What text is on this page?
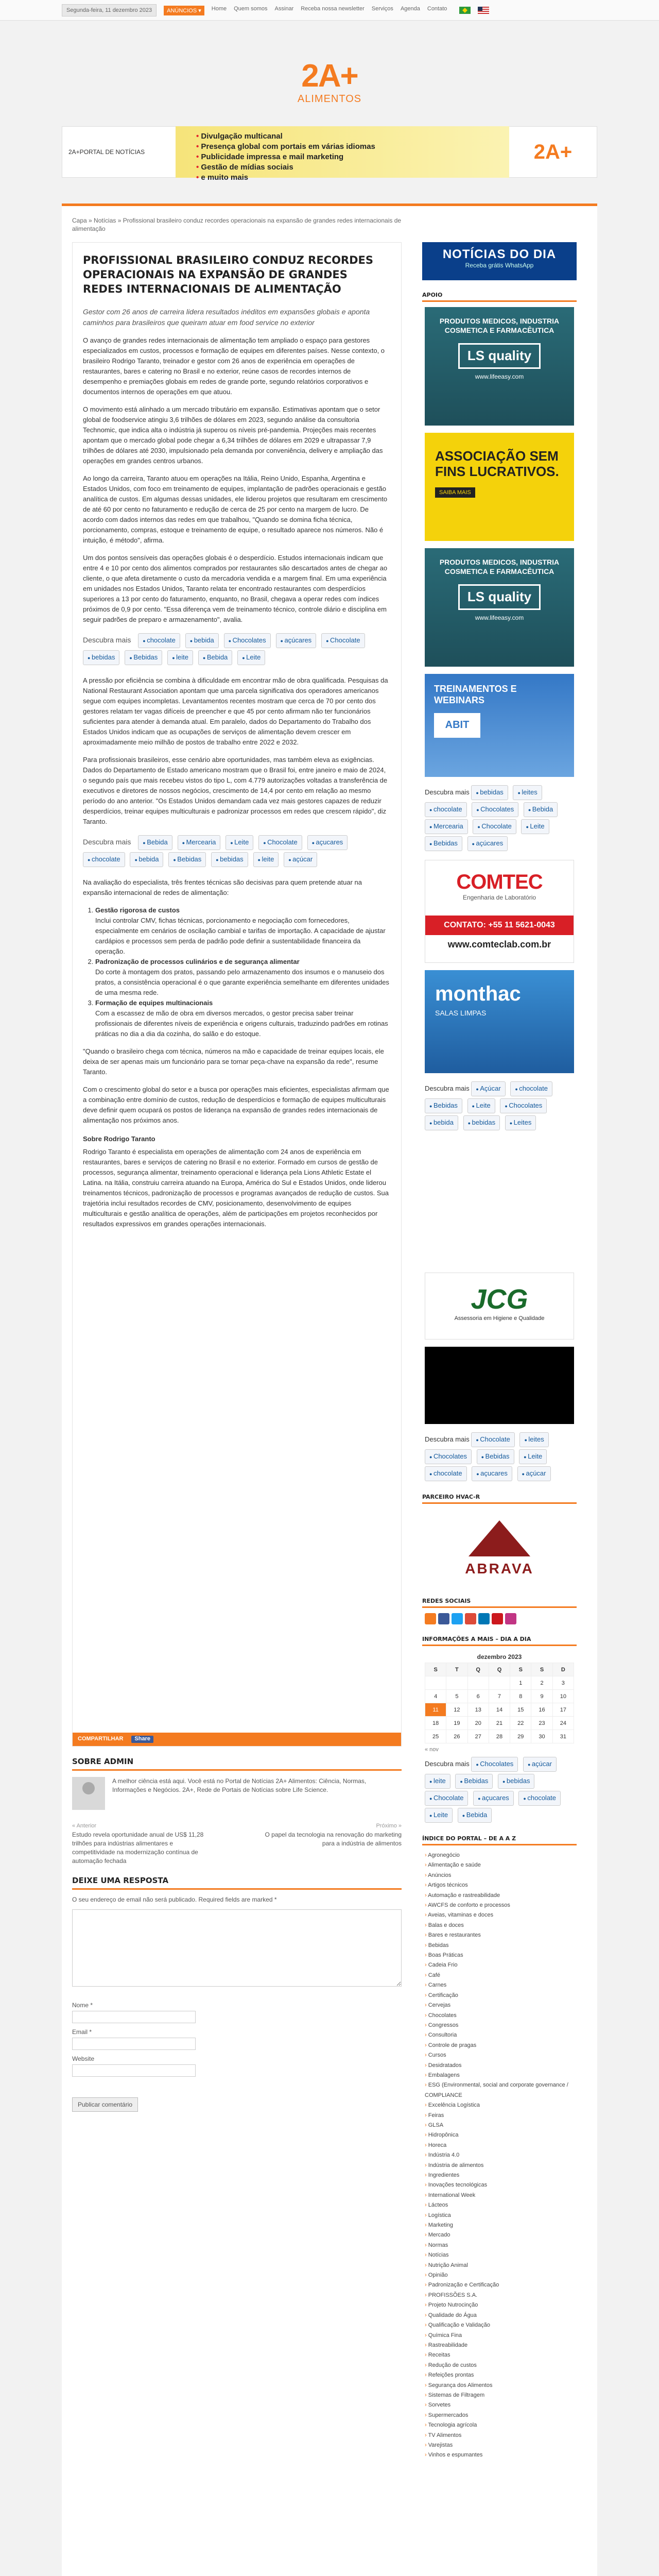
Segunda-feira, 11 dezembro 2023	ANÚNCIOS ▾	Home Quem somos Assinar Receba nossa newsletter Serviços Agenda Contato
2A+
ALIMENTOS
2A+PORTAL DE NOTÍCIAS
• Divulgação multicanal
• Presença global com portais em várias idiomas
• Publicidade impressa e mail marketing
• Gestão de mídias sociais
• e muito mais
2A+
Capa » Notícias » Profissional brasileiro conduz recordes operacionais na expansão de grandes redes internacionais de alimentação
PROFISSIONAL BRASILEIRO CONDUZ RECORDES OPERACIONAIS NA EXPANSÃO DE GRANDES REDES INTERNACIONAIS DE ALIMENTAÇÃO

Gestor com 26 anos de carreira lidera resultados inéditos em expansões globais e aponta caminhos para brasileiros que queiram atuar em food service no exterior

O avanço de grandes redes internacionais de alimentação tem ampliado o espaço para gestores especializados em custos, processos e formação de equipes em diferentes países. Nesse contexto, o brasileiro Rodrigo Taranto, treinador e gestor com 26 anos de experiência em operações de restaurantes, bares e catering no Brasil e no exterior, reúne casos de recordes internos de desempenho e premiações globais em redes de grande porte, segundo relatórios corporativos e documentos internos de operações em que atuou.

O movimento está alinhado a um mercado tributário em expansão. Estimativas apontam que o setor global de foodservice atingiu 3,6 trilhões de dólares em 2023, segundo análise da consultoria Technomic, que indica alta o indústria já superou os níveis pré-pandemia. Projeções mais recentes apontam que o mercado global pode chegar a 6,34 trilhões de dólares em 2029 e ultrapassar 7,9 trilhões de dólares até 2030, impulsionado pela demanda por conveniência, delivery e ampliação das operações em grandes centros urbanos.

Ao longo da carreira, Taranto atuou em operações na Itália, Reino Unido, Espanha, Argentina e Estados Unidos, com foco em treinamento de equipes, implantação de padrões operacionais e gestão analítica de custos. Em algumas dessas unidades, ele liderou projetos que resultaram em crescimento de até 60 por cento no faturamento e redução de cerca de 25 por cento na margem de lucro. De acordo com dados internos das redes em que trabalhou, "Quando se domina ficha técnica, porcionamento, compras, estoque e treinamento de equipe, o resultado aparece nos números. Não é intuição, é método", afirma.

Um dos pontos sensíveis das operações globais é o desperdício. Estudos internacionais indicam que entre 4 e 10 por cento dos alimentos comprados por restaurantes são descartados antes de chegar ao cliente, o que afeta diretamente o custo da mercadoria vendida e a margem final. Em uma experiência em unidades nos Estados Unidos, Taranto relata ter encontrado restaurantes com desperdícios superiores a 13 por cento do faturamento, enquanto, no Brasil, chegava a operar redes com índices próximos de 0,9 por cento. "Essa diferença vem de treinamento técnico, controle diário e disciplina em seguir padrões de preparo e armazenamento", avalia.

Descubra mais ● chocolate	● bebida	● Chocolates	● açúcares	● Chocolate ● bebidas	● Bebidas	● leite	● Bebida	● Leite

A pressão por eficiência se combina à dificuldade em encontrar mão de obra qualificada. Pesquisas da National Restaurant Association apontam que uma parcela significativa dos operadores americanos segue com equipes incompletas. Levantamentos recentes mostram que cerca de 70 por cento dos gestores relatam ter vagas difíceis de preencher e que 45 por cento afirmam não ter funcionários suficientes para atender à demanda atual. Em paralelo, dados do Departamento do Trabalho dos Estados Unidos indicam que as ocupações de serviços de alimentação devem crescer em aproximadamente meio milhão de postos de trabalho entre 2022 e 2032.

Para profissionais brasileiros, esse cenário abre oportunidades, mas também eleva as exigências. Dados do Departamento de Estado americano mostram que o Brasil foi, entre janeiro e maio de 2024, o segundo país que mais recebeu vistos do tipo L, com 4.779 autorizações voltadas a transferência de executivos e diretores de nossos negócios, crescimento de 14,4 por cento em relação ao mesmo período do ano anterior. "Os Estados Unidos demandam cada vez mais gestores capazes de reduzir desperdícios, treinar equipes multiculturais e padronizar processos em redes que crescem rápido", diz Taranto.

Descubra mais ● Bebida	● Mercearia	● Leite	● Chocolate	● açucares ● chocolate	● bebida	● Bebidas	● bebidas	● leite	● açúcar

Na avaliação do especialista, três frentes técnicas são decisivas para quem pretende atuar na expansão internacional de redes de alimentação:

1. Gestão rigorosa de custos
Inclui controlar CMV, fichas técnicas, porcionamento e negociação com fornecedores, especialmente em cenários de oscilação cambial e tarifas de importação. A capacidade de ajustar cardápios e processos sem perda de padrão pode definir a sustentabilidade financeira da operação.
2. Padronização de processos culinários e de segurança alimentar
Do corte à montagem dos pratos, passando pelo armazenamento dos insumos e o manuseio dos pratos, a consistência operacional é o que garante experiência semelhante em diferentes unidades de uma mesma rede.
3. Formação de equipes multinacionais
Com a escassez de mão de obra em diversos mercados, o gestor precisa saber treinar profissionais de diferentes níveis de experiência e origens culturais, traduzindo padrões em rotinas práticas no dia a dia da cozinha, do salão e do estoque.

"Quando o brasileiro chega com técnica, números na mão e capacidade de treinar equipes locais, ele deixa de ser apenas mais um funcionário para se tornar peça-chave na expansão da rede", resume Taranto.

Com o crescimento global do setor e a busca por operações mais eficientes, especialistas afirmam que a combinação entre domínio de custos, redução de desperdícios e formação de equipes multiculturais deve definir quem ocupará os postos de liderança na expansão de grandes redes internacionais de alimentação nos próximos anos.

Sobre Rodrigo Taranto

Rodrigo Taranto é especialista em operações de alimentação com 24 anos de experiência em restaurantes, bares e serviços de catering no Brasil e no exterior. Formado em cursos de gestão de processos, segurança alimentar, treinamento operacional e liderança pela Lions Athletic Estate el Latina. na Itália, construiu carreira atuando na Europa, América do Sul e Estados Unidos, onde liderou treinamentos técnicos, padronização de processos e programas avançados de redução de custos. Sua trajetória inclui resultados recordes de CMV, posicionamento, desenvolvimento de equipes multiculturais e gestão analítica de operações, além de participações em projetos reconhecidos por resultados expressivos em grandes operações internacionais.

COMPARTILHAR	Share
SOBRE ADMIN

A melhor ciência está aqui. Você está no Portal de Notícias 2A+ Alimentos: Ciência, Normas, Informações e Negócios. 2A+, Rede de Portais de Notícias sobre Life Science.

« Anterior
Estudo revela oportunidade anual de US$ 11,28 trilhões para indústrias alimentares e competitividade na modernização contínua de automação fechada
Próximo »
O papel da tecnologia na renovação do marketing para a indústria de alimentos
DEIXE UMA RESPOSTA

O seu endereço de email não será publicado. Required fields are marked *

Nome *
Email *
Website

Publicar comentário
NOTÍCIAS DO DIA
Receba grátis WhatsApp
APOIO
PRODUTOS MEDICOS, INDUSTRIA COSMETICA E FARMACÊUTICA
LS quality
www.lifeeasy.com
ASSOCIAÇÃO SEM FINS LUCRATIVOS.
SAIBA MAIS
PRODUTOS MEDICOS, INDUSTRIA COSMETICA E FARMACÊUTICA
LS quality
www.lifeeasy.com
TREINAMENTOS E WEBINARS
ABIT
Descubra mais ● bebidas	● leites ● chocolate	● Chocolates	● Bebida ● Mercearia	● Chocolate	● Leite ● Bebidas	● açúcares

COMTEC
Engenharia de Laboratório
CONTATO: +55 11 5621-0043
www.comteclab.com.br
monthac
SALAS LIMPAS
Descubra mais ● Açúcar	● chocolate ● Bebidas	● Leite	● Chocolates ● bebida	● bebidas	● Leites
JCG
Assessoria em Higiene e Qualidade
Descubra mais ● Chocolate	● leites ● Chocolates	● Bebidas	● Leite ● chocolate	● açucares	● açúcar
PARCEIRO HVAC-R
ABRAVA
REDES SOCIAIS
INFORMAÇÕES A MAIS – DIA A DIA
dezembro 2023
S	T	Q	Q	S	S	D
				1	2	3
4	5	6	7	8	9	10
11	12	13	14	15	16	17
18	19	20	21	22	23	24
25	26	27	28	29	30	31
« nov
Descubra mais ● Chocolates	● açúcar ● leite	● Bebidas	● bebidas ● Chocolate	● açucares	● chocolate ● Leite	● Bebida
ÍNDICE DO PORTAL – DE A A Z
› Agronegócio
› Alimentação e saúde
› Anúncios
› Artigos técnicos
› Automação e rastreabilidade
› AWCFS de conforto e processos
› Aveias, vitaminas e doces
› Balas e doces
› Bares e restaurantes
› Bebidas
› Boas Práticas
› Cadeia Frio
› Café
› Carnes
› Certificação
› Cervejas
› Chocolates
› Congressos
› Consultoria
› Controle de pragas
› Cursos
› Desidratados
› Embalagens
› ESG (Environmental, social and corporate governance / COMPLIANCE
› Excelência Logística
› Feiras
› GLSA
› Hidropônica
› Horeca
› Indústria 4.0
› Indústria de alimentos
› Ingredientes
› Inovações tecnológicas
› International Week
› Lácteos
› Logística
› Marketing
› Mercado
› Normas
› Notícias
› Nutrição Animal
› Opinião
› Padronização e Certificação
› PROFISSÕES S.A.
› Projeto Nutrocinção
› Qualidade do Água
› Qualificação e Validação
› Química Fina
› Rastreabilidade
› Receitas
› Redução de custos
› Refeições prontas
› Segurança dos Alimentos
› Sistemas de Filtragem
› Sorvetes
› Supermercados
› Tecnologia agrícola
› TV Alimentos
› Varejistas
› Vinhos e espumantes
